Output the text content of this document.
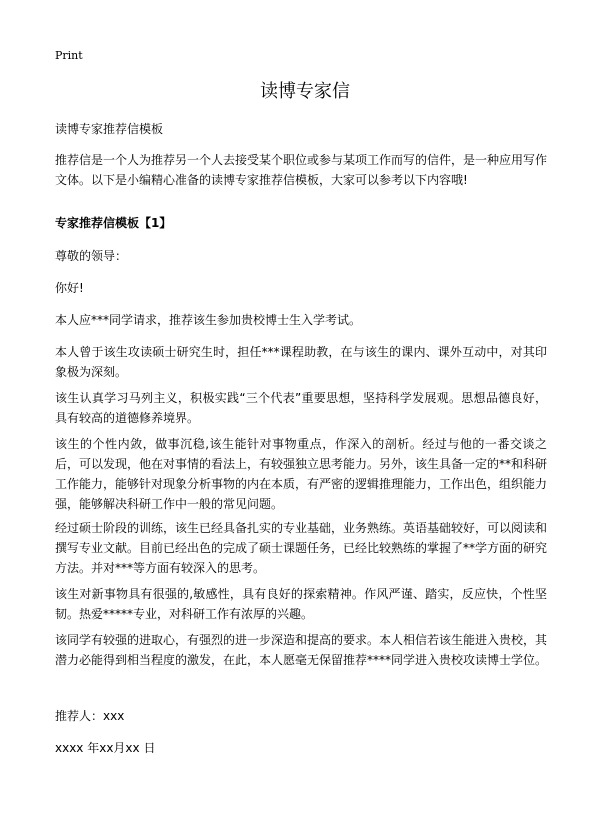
Print
读博专家信
读博专家推荐信模板
推荐信是一个人为推荐另一个人去接受某个职位或参与某项工作而写的信件，是一种应用写作文体。以下是小编精心准备的读博专家推荐信模板，大家可以参考以下内容哦!
专家推荐信模板【1】
尊敬的领导：
你好!
本人应***同学请求，推荐该生参加贵校博士生入学考试。
本人曾于该生攻读硕士研究生时，担任***课程助教，在与该生的课内、课外互动中，对其印象极为深刻。
该生认真学习马列主义，积极实践“三个代表”重要思想，坚持科学发展观。思想品德良好，具有较高的道德修养境界。
该生的个性内敛，做事沉稳,该生能针对事物重点，作深入的剖析。经过与他的一番交谈之后，可以发现，他在对事情的看法上，有较强独立思考能力。另外，该生具备一定的**和科研工作能力，能够针对现象分析事物的内在本质，有严密的逻辑推理能力，工作出色，组织能力强，能够解决科研工作中一般的常见问题。
经过硕士阶段的训练，该生已经具备扎实的专业基础，业务熟练。英语基础较好，可以阅读和撰写专业文献。目前已经出色的完成了硕士课题任务，已经比较熟练的掌握了**学方面的研究方法。并对***等方面有较深入的思考。
该生对新事物具有很强的,敏感性，具有良好的探索精神。作风严谨、踏实，反应快，个性坚韧。热爱*****专业，对科研工作有浓厚的兴趣。
该同学有较强的进取心，有强烈的进一步深造和提高的要求。本人相信若该生能进入贵校，其潜力必能得到相当程度的激发，在此，本人愿毫无保留推荐****同学进入贵校攻读博士学位。
推荐人：xxx
xxxx 年xx月xx 日
